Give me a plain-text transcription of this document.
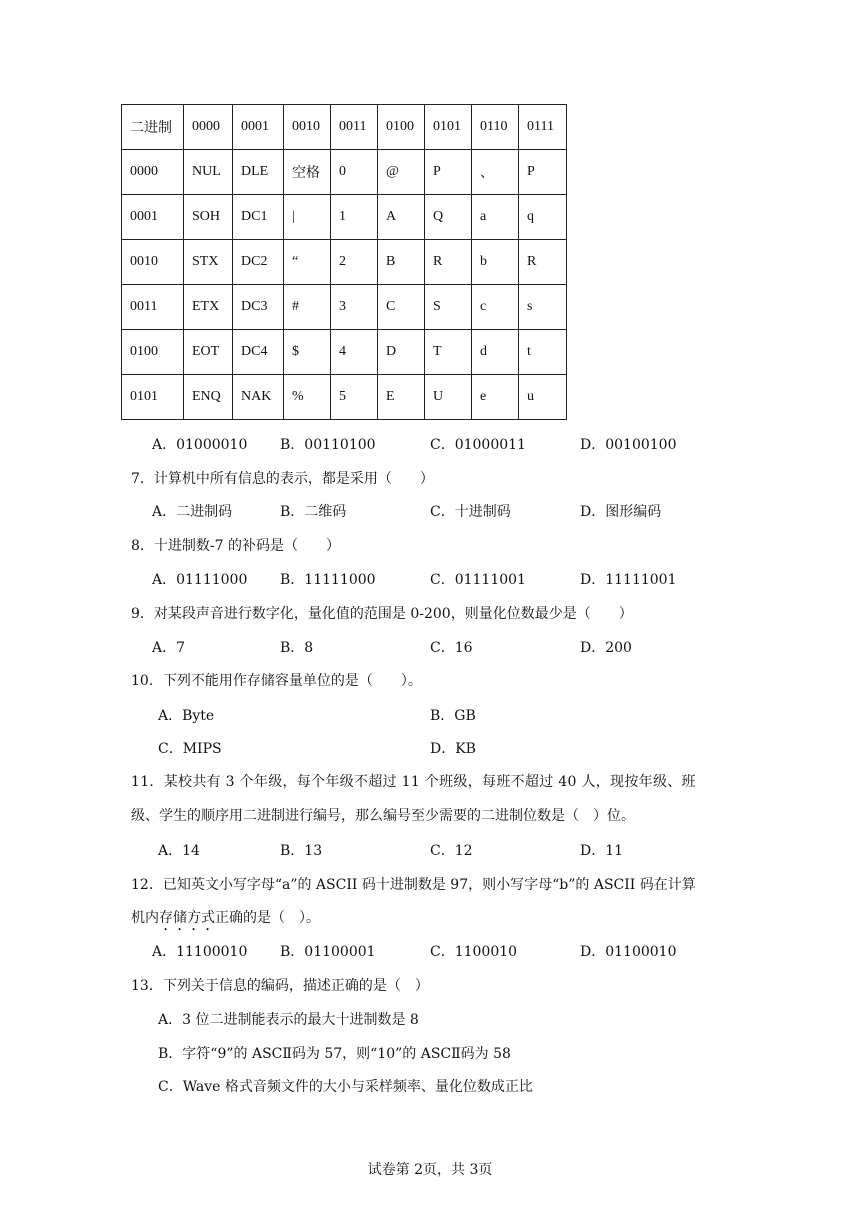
二进制	0000	0001	0010	0011	0100	0101	0110	0111
0000	NUL	DLE	空格	0	@	P	、	P
0001	SOH	DC1	|	1	A	Q	a	q
0010	STX	DC2	“	2	B	R	b	R
0011	ETX	DC3	#	3	C	S	c	s
0100	EOT	DC4	$	4	D	T	d	t
0101	ENQ	NAK	%	5	E	U	e	u
A．01000010 B．00110100	C．01000011	D．00100100
7．计算机中所有信息的表示，都是采用（　　）
A．二进制码	B．二维码	C．十进制码	D．图形编码
8．十进制数-7 的补码是（　　）
A．01111000 B．11111000	C．01111001	D．11111001
9．对某段声音进行数字化，量化值的范围是 0-200，则量化位数最少是（　　）
A．7	B．8	C．16	D．200
10．下列不能用作存储容量单位的是（　　）。
A．Byte	B．GB
C．MIPS	D．KB
11．某校共有 3 个年级，每个年级不超过 11 个班级，每班不超过 40 人，现按年级、班
级、学生的顺序用二进制进行编号，那么编号至少需要的二进制位数是（　）位。
A．14	B．13	C．12	D．11
12．已知英文小写字母“a”的 ASCII 码十进制数是 97，则小写字母“b”的 ASCII 码在计算
机内存储方式正确的是（　）。
A．11100010 B．01100001	C．1100010	D．01100010
13．下列关于信息的编码，描述正确的是（　）
A．3 位二进制能表示的最大十进制数是 8
B．字符“9”的 ASCⅡ码为 57，则“10”的 ASCⅡ码为 58
C．Wave 格式音频文件的大小与采样频率、量化位数成正比
试卷第 2页，共 3页
